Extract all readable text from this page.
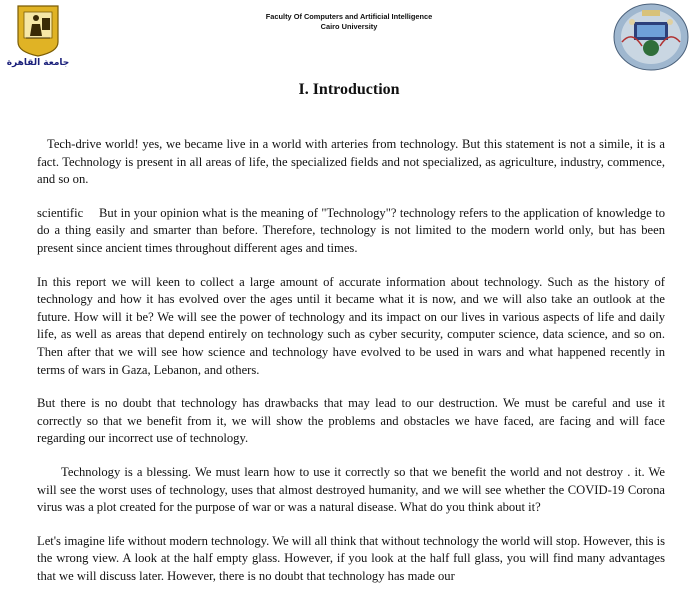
جامعة القاهرة
Faculty Of Computers and Artificial Intelligence
Cairo University
I. Introduction

Tech-drive world! yes, we became live in a world with arteries from technology. But this statement is not a simile, it is a fact. Technology is present in all areas of life, the specialized fields and not specialized, as agriculture, industry, commence, and so on.

scientific But in your opinion what is the meaning of "Technology"? technology refers to the application of knowledge to do a thing easily and smarter than before. Therefore, technology is not limited to the modern world only, but has been present since ancient times throughout different ages and times.

In this report we will keen to collect a large amount of accurate information about technology. Such as the history of technology and how it has evolved over the ages until it became what it is now, and we will also take an outlook at the future. How will it be? We will see the power of technology and its impact on our lives in various aspects of life and daily life, as well as areas that depend entirely on technology such as cyber security, computer science, data science, and so on. Then after that we will see how science and technology have evolved to be used in wars and what happened recently in terms of wars in Gaza, Lebanon, and others.

But there is no doubt that technology has drawbacks that may lead to our destruction. We must be careful and use it correctly so that we benefit from it, we will show the problems and obstacles we have faced, are facing and will face regarding our incorrect use of technology.

Technology is a blessing. We must learn how to use it correctly so that we benefit the world and not destroy . it. We will see the worst uses of technology, uses that almost destroyed humanity, and we will see whether the COVID-19 Corona virus was a plot created for the purpose of war or was a natural disease. What do you think about it?

Let's imagine life without modern technology. We will all think that without technology the world will stop. However, this is the wrong view. A look at the half empty glass. However, if you look at the half full glass, you will find many advantages that we will discuss later. However, there is no doubt that technology has made our
